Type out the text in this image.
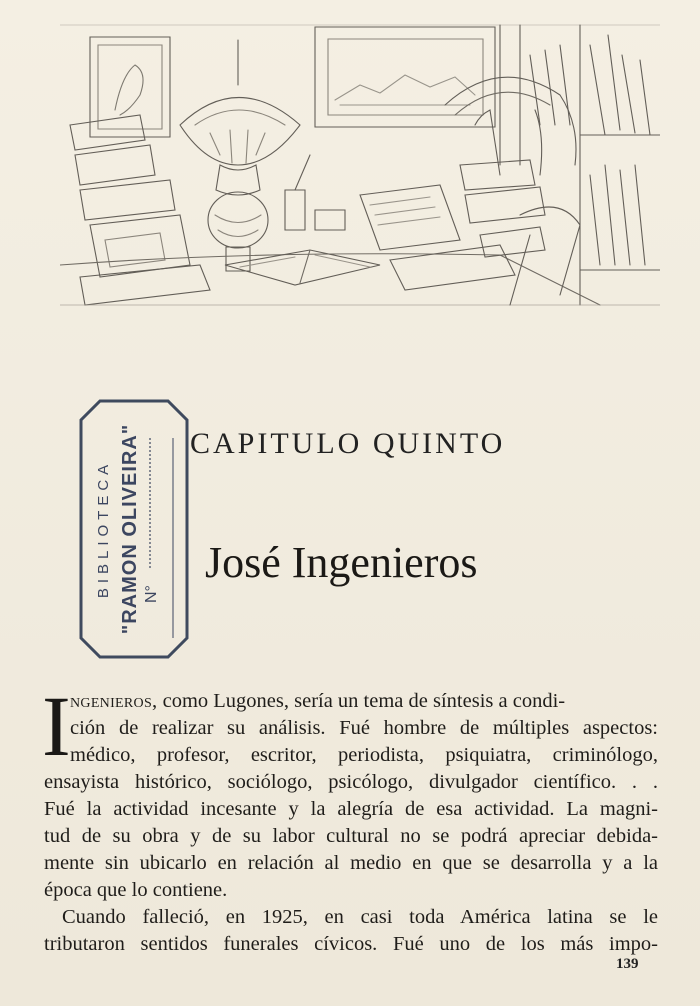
BIBLIOTECA "RAMON OLIVEIRA" N°
CAPITULO QUINTO
José Ingenieros
I ngenieros, como Lugones, sería un tema de síntesis a condi-
ción de realizar su análisis. Fué hombre de múltiples aspectos:
médico, profesor, escritor, periodista, psiquiatra, criminólogo,
ensayista histórico, sociólogo, psicólogo, divulgador científico. . .
Fué la actividad incesante y la alegría de esa actividad. La magni-
tud de su obra y de su labor cultural no se podrá apreciar debida-
mente sin ubicarlo en relación al medio en que se desarrolla y a la
época que lo contiene.
Cuando falleció, en 1925, en casi toda América latina se le
tributaron sentidos funerales cívicos. Fué uno de los más impo-
139
